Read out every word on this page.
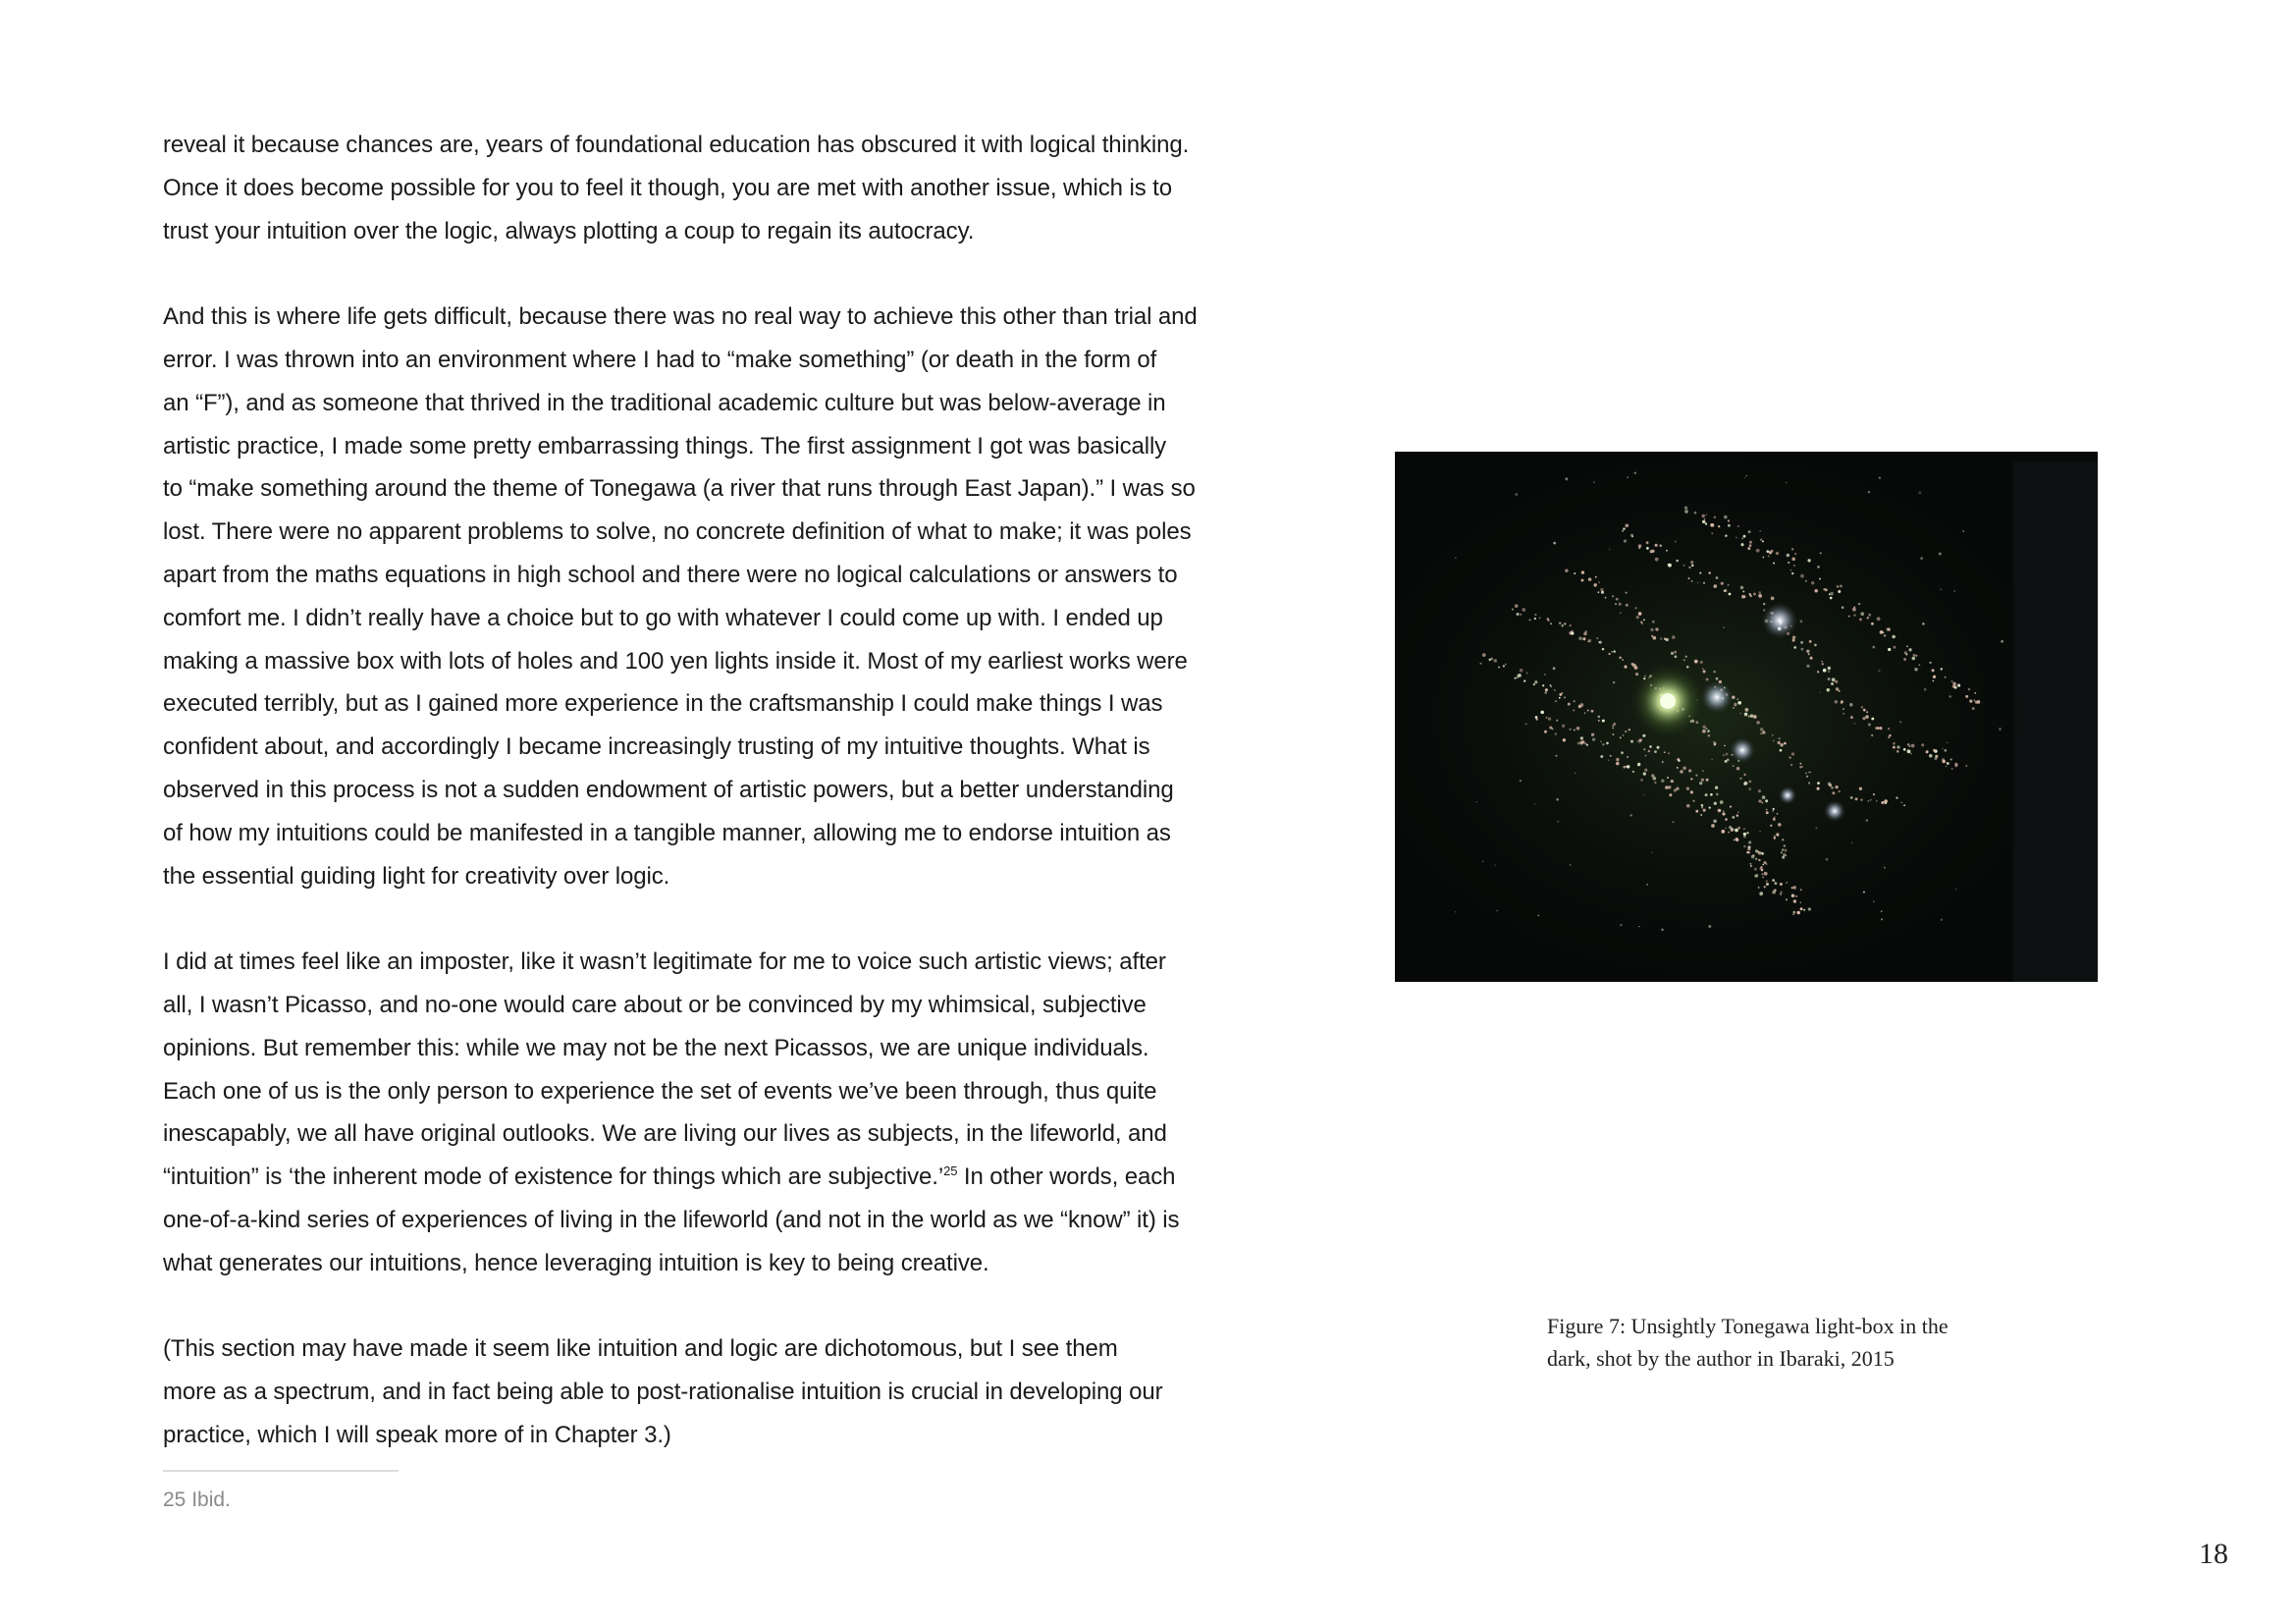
reveal it because chances are, years of foundational education has obscured it with logical thinking.
Once it does become possible for you to feel it though, you are met with another issue, which is to
trust your intuition over the logic, always plotting a coup to regain its autocracy.

And this is where life gets difficult, because there was no real way to achieve this other than trial and
error. I was thrown into an environment where I had to “make something” (or death in the form of
an “F”), and as someone that thrived in the traditional academic culture but was below-average in
artistic practice, I made some pretty embarrassing things. The first assignment I got was basically
to “make something around the theme of Tonegawa (a river that runs through East Japan).” I was so
lost. There were no apparent problems to solve, no concrete definition of what to make; it was poles
apart from the maths equations in high school and there were no logical calculations or answers to
comfort me. I didn’t really have a choice but to go with whatever I could come up with. I ended up
making a massive box with lots of holes and 100 yen lights inside it. Most of my earliest works were
executed terribly, but as I gained more experience in the craftsmanship I could make things I was
confident about, and accordingly I became increasingly trusting of my intuitive thoughts. What is
observed in this process is not a sudden endowment of artistic powers, but a better understanding
of how my intuitions could be manifested in a tangible manner, allowing me to endorse intuition as
the essential guiding light for creativity over logic.

I did at times feel like an imposter, like it wasn’t legitimate for me to voice such artistic views; after
all, I wasn’t Picasso, and no-one would care about or be convinced by my whimsical, subjective
opinions. But remember this: while we may not be the next Picassos, we are unique individuals.
Each one of us is the only person to experience the set of events we’ve been through, thus quite
inescapably, we all have original outlooks. We are living our lives as subjects, in the lifeworld, and
“intuition” is ‘the inherent mode of existence for things which are subjective.’$^{25}$ In other words, each
one-of-a-kind series of experiences of living in the lifeworld (and not in the world as we “know” it) is
what generates our intuitions, hence leveraging intuition is key to being creative.

(This section may have made it seem like intuition and logic are dichotomous, but I see them
more as a spectrum, and in fact being able to post-rationalise intuition is crucial in developing our
practice, which I will speak more of in Chapter 3.)

25 Ibid.
Figure 7: Unsightly Tonegawa light-box in the
dark, shot by the author in Ibaraki, 2015
18
